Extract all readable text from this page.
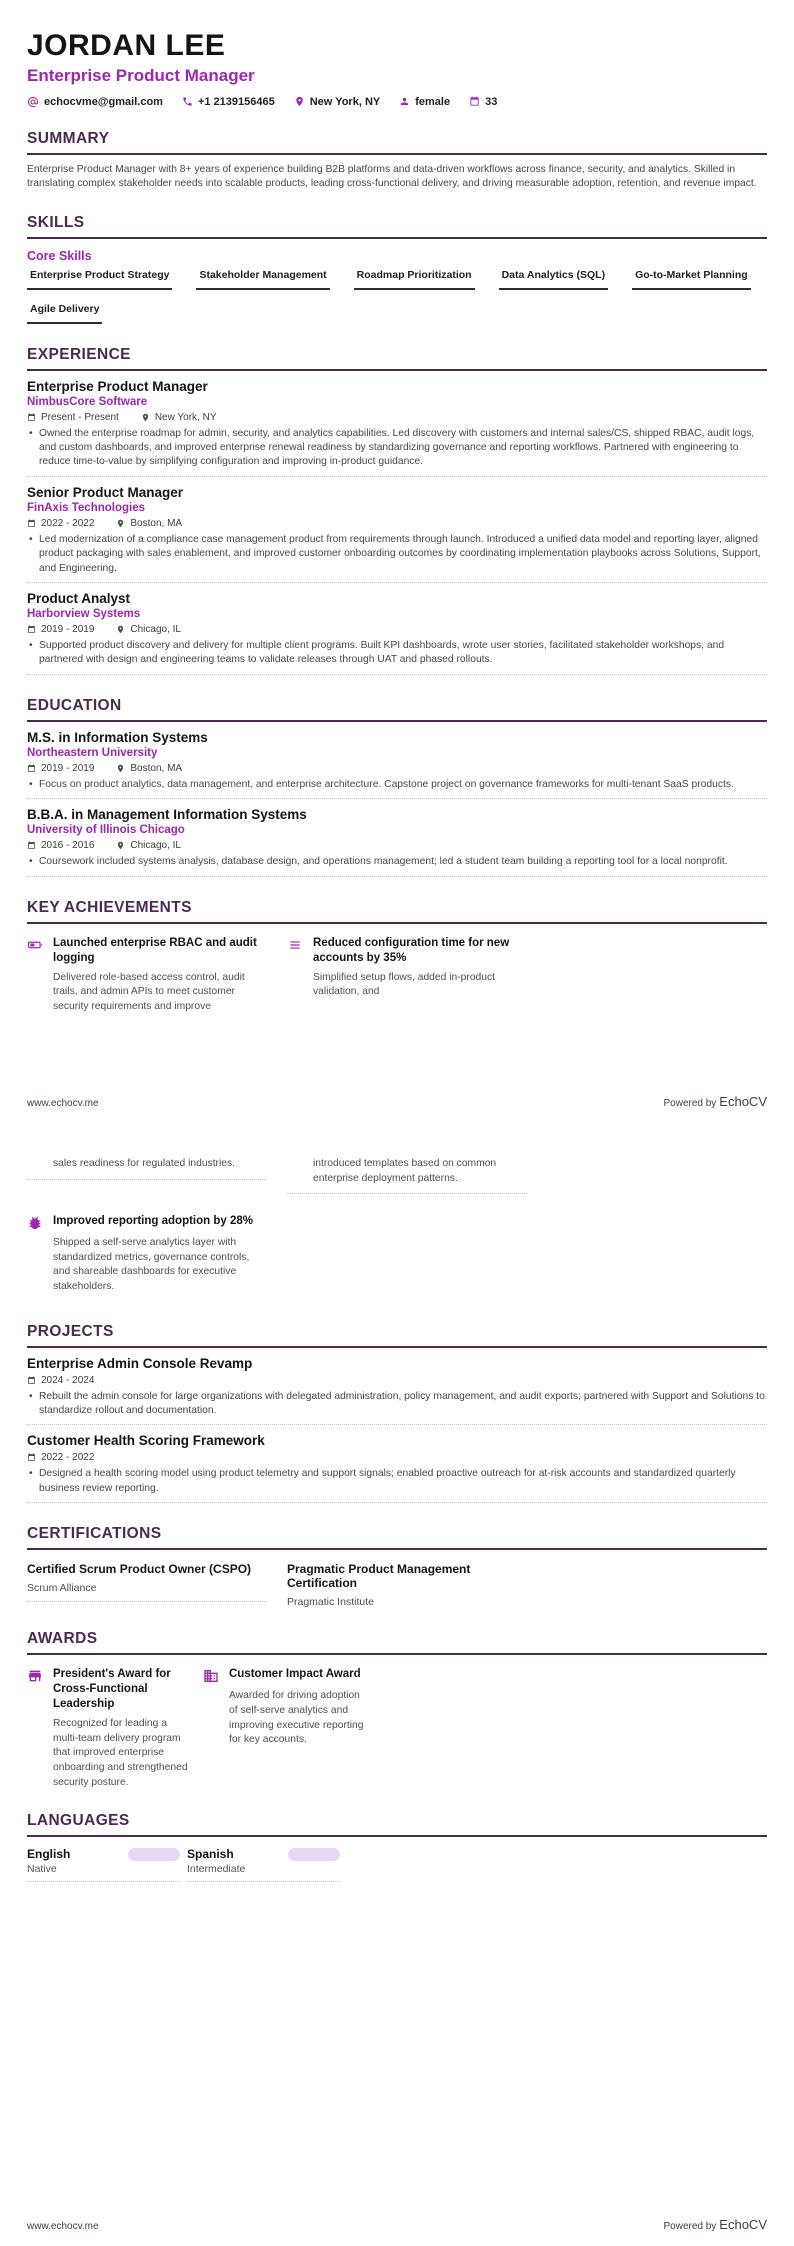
JORDAN LEE
Enterprise Product Manager
echocvme@gmail.com	+1 2139156465	New York, NY	female	33
SUMMARY
Enterprise Product Manager with 8+ years of experience building B2B platforms and data-driven workflows across finance, security, and analytics. Skilled in translating complex stakeholder needs into scalable products, leading cross-functional delivery, and driving measurable adoption, retention, and revenue impact.
SKILLS
Core Skills
Enterprise Product Strategy	Stakeholder Management	Roadmap Prioritization	Data Analytics (SQL)	Go-to-Market Planning
Agile Delivery
EXPERIENCE
Enterprise Product Manager
NimbusCore Software
Present - Present	New York, NY
• Owned the enterprise roadmap for admin, security, and analytics capabilities. Led discovery with customers and internal sales/CS, shipped RBAC, audit logs, and custom dashboards, and improved enterprise renewal readiness by standardizing governance and reporting workflows. Partnered with engineering to reduce time-to-value by simplifying configuration and improving in-product guidance.
Senior Product Manager
FinAxis Technologies
2022 - 2022	Boston, MA
• Led modernization of a compliance case management product from requirements through launch. Introduced a unified data model and reporting layer, aligned product packaging with sales enablement, and improved customer onboarding outcomes by coordinating implementation playbooks across Solutions, Support, and Engineering.
Product Analyst
Harborview Systems
2019 - 2019	Chicago, IL
• Supported product discovery and delivery for multiple client programs. Built KPI dashboards, wrote user stories, facilitated stakeholder workshops, and partnered with design and engineering teams to validate releases through UAT and phased rollouts.
EDUCATION
M.S. in Information Systems
Northeastern University
2019 - 2019	Boston, MA
• Focus on product analytics, data management, and enterprise architecture. Capstone project on governance frameworks for multi-tenant SaaS products.
B.B.A. in Management Information Systems
University of Illinois Chicago
2016 - 2016	Chicago, IL
• Coursework included systems analysis, database design, and operations management; led a student team building a reporting tool for a local nonprofit.
KEY ACHIEVEMENTS
Launched enterprise RBAC and audit logging
Delivered role-based access control, audit trails, and admin APIs to meet customer security requirements and improve
Reduced configuration time for new accounts by 35%
Simplified setup flows, added in-product validation, and
www.echocv.me	Powered by EchoCV
sales readiness for regulated industries.	introduced templates based on common enterprise deployment patterns.
Improved reporting adoption by 28%
Shipped a self-serve analytics layer with standardized metrics, governance controls, and shareable dashboards for executive stakeholders.
PROJECTS
Enterprise Admin Console Revamp
2024 - 2024
• Rebuilt the admin console for large organizations with delegated administration, policy management, and audit exports; partnered with Support and Solutions to standardize rollout and documentation.
Customer Health Scoring Framework
2022 - 2022
• Designed a health scoring model using product telemetry and support signals; enabled proactive outreach for at-risk accounts and standardized quarterly business review reporting.
CERTIFICATIONS
Certified Scrum Product Owner (CSPO)
Scrum Alliance
Pragmatic Product Management Certification
Pragmatic Institute
AWARDS
President's Award for Cross-Functional Leadership
Recognized for leading a multi-team delivery program that improved enterprise onboarding and strengthened security posture.
Customer Impact Award
Awarded for driving adoption of self-serve analytics and improving executive reporting for key accounts.
LANGUAGES
English
Native
Spanish
Intermediate
www.echocv.me	Powered by EchoCV
